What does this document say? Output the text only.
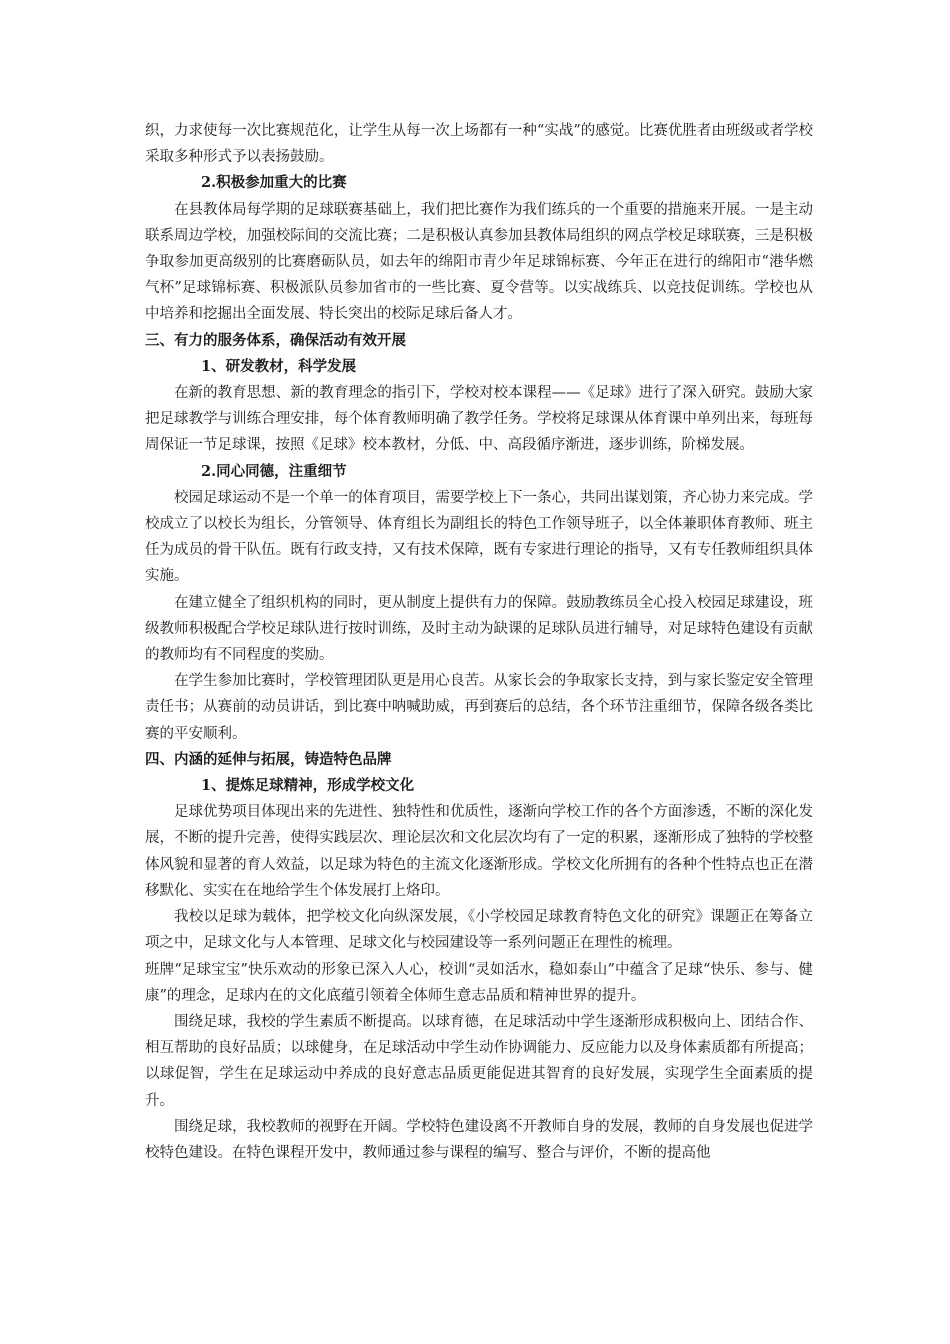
织，力求使每一次比赛规范化，让学生从每一次上场都有一种“实战”的感觉。比赛优胜者由班级或者学校采取多种形式予以表扬鼓励。

2.积极参加重大的比赛

在县教体局每学期的足球联赛基础上，我们把比赛作为我们练兵的一个重要的措施来开展。一是主动联系周边学校，加强校际间的交流比赛；二是积极认真参加县教体局组织的网点学校足球联赛，三是积极争取参加更高级别的比赛磨砺队员，如去年的绵阳市青少年足球锦标赛、今年正在进行的绵阳市“港华燃气杯”足球锦标赛、积极派队员参加省市的一些比赛、夏令营等。以实战练兵、以竞技促训练。学校也从中培养和挖掘出全面发展、特长突出的校际足球后备人才。

三、有力的服务体系，确保活动有效开展

1、研发教材，科学发展

在新的教育思想、新的教育理念的指引下，学校对校本课程——《足球》进行了深入研究。鼓励大家把足球教学与训练合理安排，每个体育教师明确了教学任务。学校将足球课从体育课中单列出来，每班每周保证一节足球课，按照《足球》校本教材，分低、中、高段循序渐进，逐步训练，阶梯发展。

2.同心同德，注重细节

校园足球运动不是一个单一的体育项目，需要学校上下一条心，共同出谋划策，齐心协力来完成。学校成立了以校长为组长，分管领导、体育组长为副组长的特色工作领导班子，以全体兼职体育教师、班主任为成员的骨干队伍。既有行政支持，又有技术保障，既有专家进行理论的指导，又有专任教师组织具体实施。

在建立健全了组织机构的同时，更从制度上提供有力的保障。鼓励教练员全心投入校园足球建设，班级教师积极配合学校足球队进行按时训练，及时主动为缺课的足球队员进行辅导，对足球特色建设有贡献的教师均有不同程度的奖励。

在学生参加比赛时，学校管理团队更是用心良苦。从家长会的争取家长支持，到与家长鉴定安全管理责任书；从赛前的动员讲话，到比赛中呐喊助威，再到赛后的总结，各个环节注重细节，保障各级各类比赛的平安顺利。

四、内涵的延伸与拓展，铸造特色品牌

1、提炼足球精神，形成学校文化

足球优势项目体现出来的先进性、独特性和优质性，逐渐向学校工作的各个方面渗透，不断的深化发展，不断的提升完善，使得实践层次、理论层次和文化层次均有了一定的积累，逐渐形成了独特的学校整体风貌和显著的育人效益，以足球为特色的主流文化逐渐形成。学校文化所拥有的各种个性特点也正在潜移默化、实实在在地给学生个体发展打上烙印。

我校以足球为载体，把学校文化向纵深发展，《小学校园足球教育特色文化的研究》课题正在筹备立项之中，足球文化与人本管理、足球文化与校园建设等一系列问题正在理性的梳理。

班牌“足球宝宝”快乐欢动的形象已深入人心，校训“灵如活水，稳如泰山”中蕴含了足球“快乐、参与、健康”的理念，足球内在的文化底蕴引领着全体师生意志品质和精神世界的提升。

围绕足球，我校的学生素质不断提高。以球育德，在足球活动中学生逐渐形成积极向上、团结合作、相互帮助的良好品质；以球健身，在足球活动中学生动作协调能力、反应能力以及身体素质都有所提高；以球促智，学生在足球运动中养成的良好意志品质更能促进其智育的良好发展，实现学生全面素质的提升。

围绕足球，我校教师的视野在开阔。学校特色建设离不开教师自身的发展，教师的自身发展也促进学校特色建设。在特色课程开发中，教师通过参与课程的编写、整合与评价，不断的提高他
